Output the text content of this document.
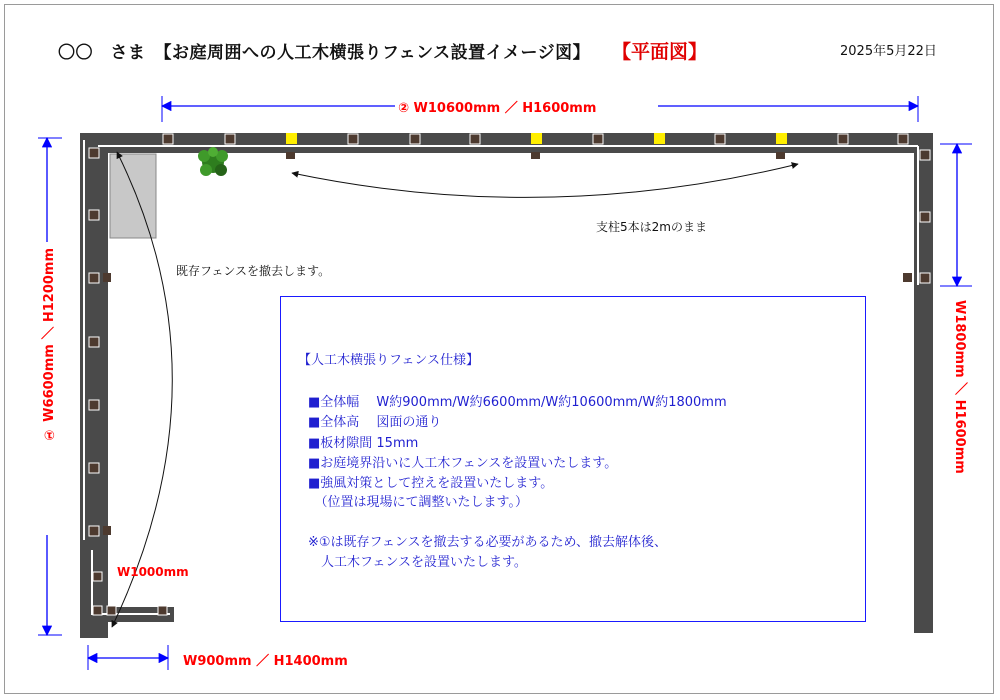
〇〇　さま　【お庭周囲への人工木横張りフェンス設置イメージ図】 【平面図】	2025年5月22日
② W10600mm ／ H1600mm
① W6600mm ／ H1200mm	W1800mm ／ H1600mm
W900mm ／ H1400mm
W1000mm
支柱5本は2mのまま
既存フェンスを撤去します。
【人工木横張りフェンス仕様】
■全体幅　 W約900mm/W約6600mm/W約10600mm/W約1800mm
■全体高　 図面の通り
■板材隙間 15mm
■お庭境界沿いに人工木フェンスを設置いたします。
■強風対策として控えを設置いたします。
　（位置は現場にて調整いたします。）
※①は既存フェンスを撤去する必要があるため、撤去解体後、
　人工木フェンスを設置いたします。
